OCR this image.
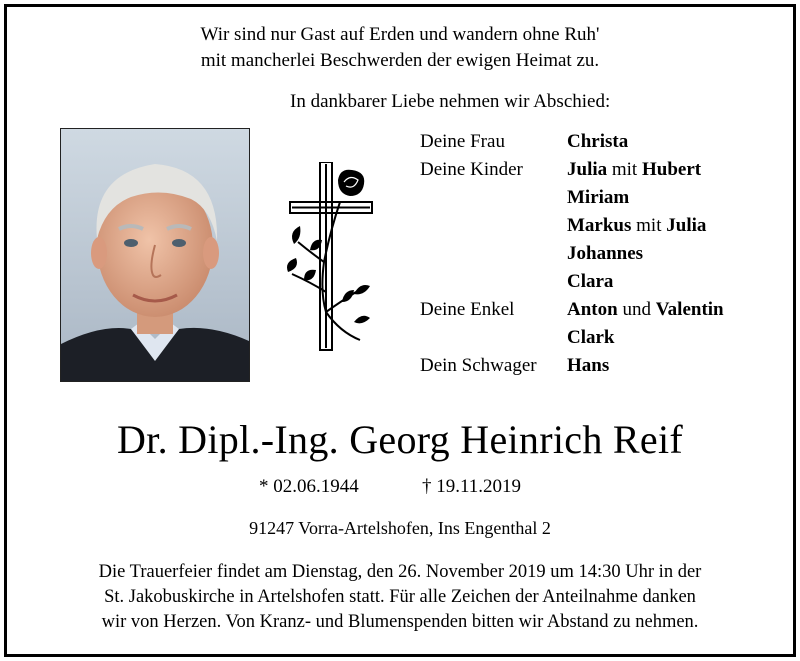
Wir sind nur Gast auf Erden und wandern ohne Ruh'
mit mancherlei Beschwerden der ewigen Heimat zu.
In dankbarer Liebe nehmen wir Abschied:
Deine Frau	Christa
Deine Kinder	Julia mit Hubert
Miriam
Markus mit Julia
Johannes
Clara
Deine Enkel	Anton und Valentin
Clark
Dein Schwager	Hans
Dr. Dipl.-Ing. Georg Heinrich Reif
* 02.06.1944	† 19.11.2019
91247 Vorra-Artelshofen, Ins Engenthal 2
Die Trauerfeier findet am Dienstag, den 26. November 2019 um 14:30 Uhr in der
St. Jakobuskirche in Artelshofen statt. Für alle Zeichen der Anteilnahme danken
wir von Herzen. Von Kranz- und Blumenspenden bitten wir Abstand zu nehmen.
